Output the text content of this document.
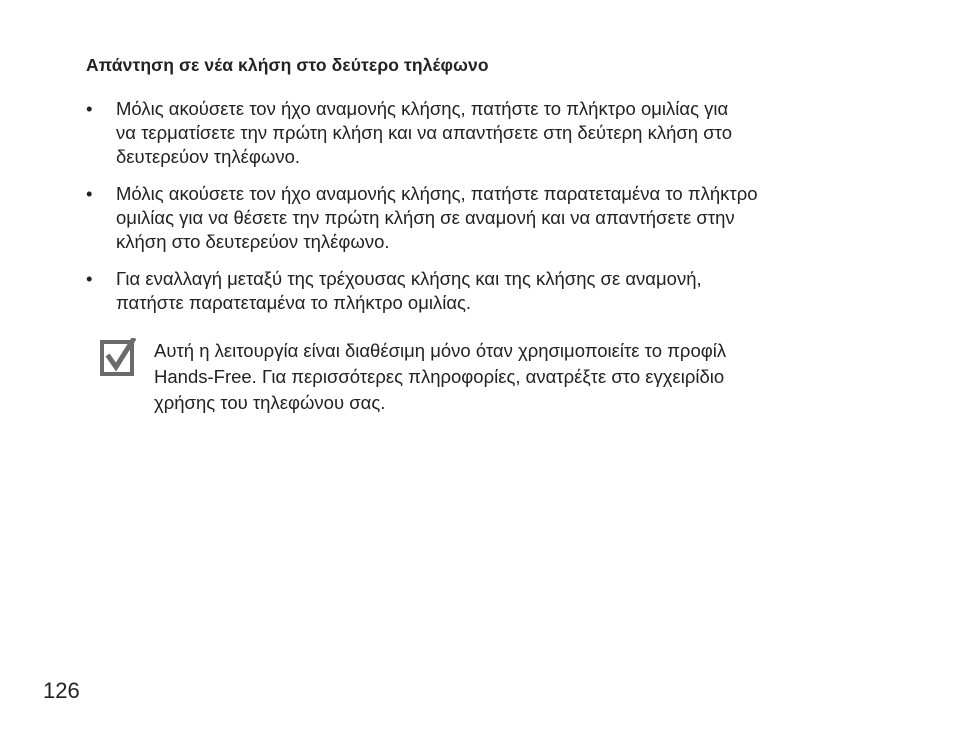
Απάντηση σε νέα κλήση στο δεύτερο τηλέφωνο
• Μόλις ακούσετε τον ήχο αναμονής κλήσης, πατήστε το πλήκτρο ομιλίας για
να τερματίσετε την πρώτη κλήση και να απαντήσετε στη δεύτερη κλήση στο
δευτερεύον τηλέφωνο.
• Μόλις ακούσετε τον ήχο αναμονής κλήσης, πατήστε παρατεταμένα το πλήκτρο
ομιλίας για να θέσετε την πρώτη κλήση σε αναμονή και να απαντήσετε στην
κλήση στο δευτερεύον τηλέφωνο.
• Για εναλλαγή μεταξύ της τρέχουσας κλήσης και της κλήσης σε αναμονή,
πατήστε παρατεταμένα το πλήκτρο ομιλίας.
Αυτή η λειτουργία είναι διαθέσιμη μόνο όταν χρησιμοποιείτε το προφίλ
Hands-Free. Για περισσότερες πληροφορίες, ανατρέξτε στο εγχειρίδιο
χρήσης του τηλεφώνου σας.
126
